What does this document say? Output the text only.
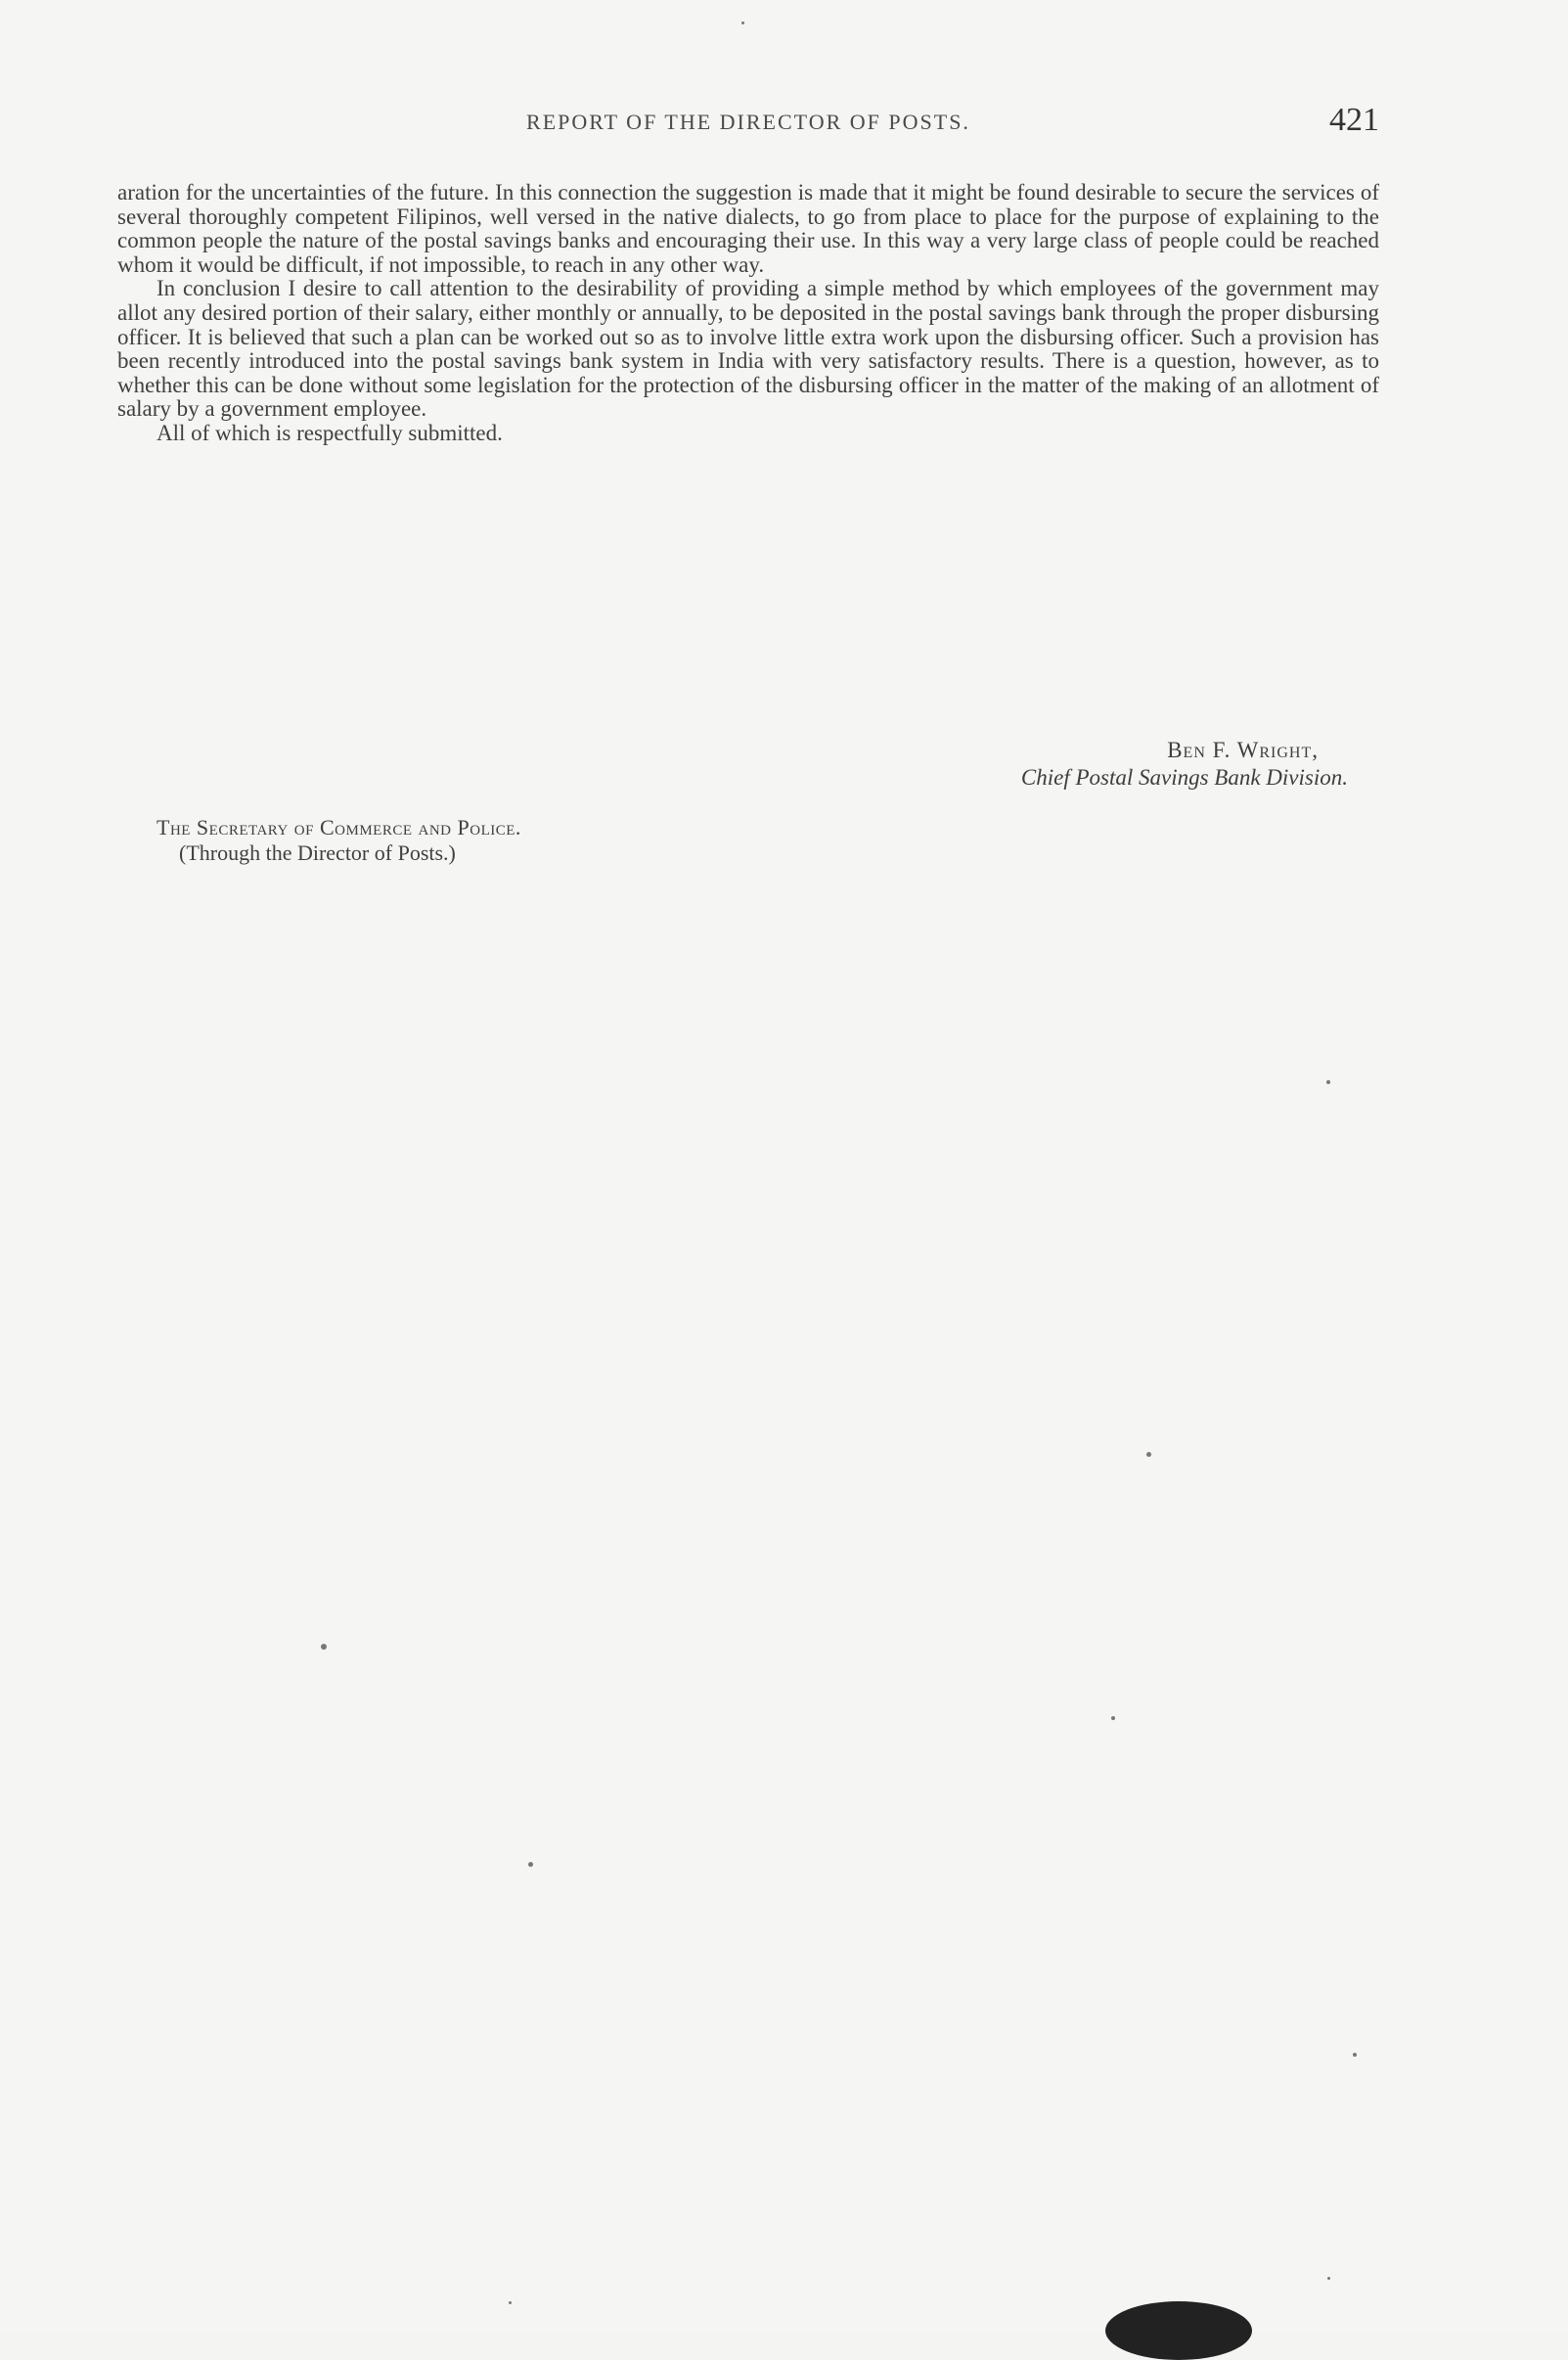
REPORT OF THE DIRECTOR OF POSTS.	421

aration for the uncertainties of the future. In this connection the suggestion is made that it might be found desirable to secure the services of several thoroughly competent Filipinos, well versed in the native dialects, to go from place to place for the purpose of explaining to the common people the nature of the postal savings banks and encouraging their use. In this way a very large class of people could be reached whom it would be difficult, if not impossible, to reach in any other way.

In conclusion I desire to call attention to the desirability of providing a simple method by which employees of the government may allot any desired portion of their salary, either monthly or annually, to be deposited in the postal savings bank through the proper disbursing officer. It is believed that such a plan can be worked out so as to involve little extra work upon the disbursing officer. Such a provision has been recently introduced into the postal savings bank system in India with very satisfactory results. There is a question, however, as to whether this can be done without some legislation for the protection of the disbursing officer in the matter of the making of an allotment of salary by a government employee.

All of which is respectfully submitted.

Ben F. Wright,
Chief Postal Savings Bank Division.
The Secretary of Commerce and Police.
(Through the Director of Posts.)
